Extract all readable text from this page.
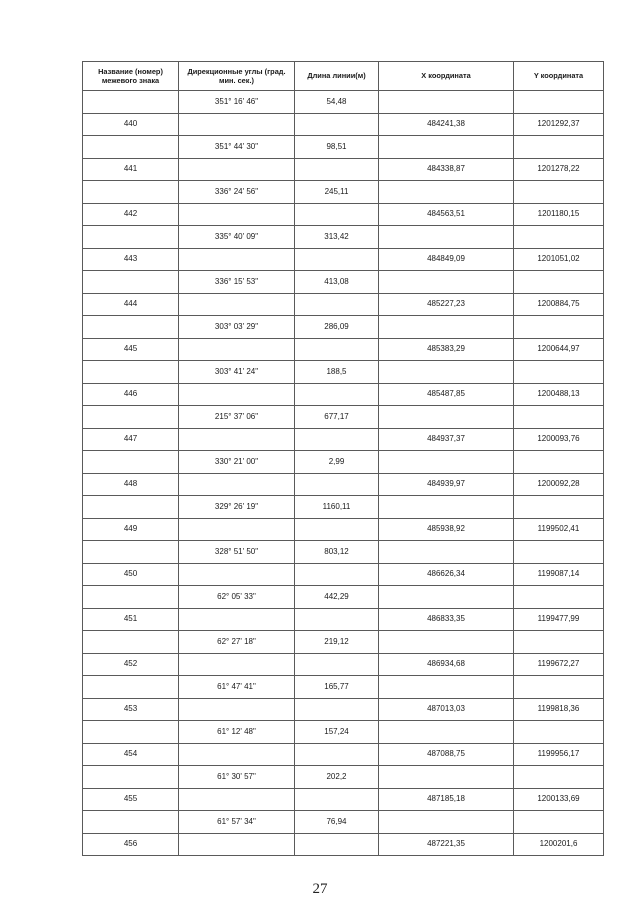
Название (номер) межевого знака	Дирекционные углы (град. мин. сек.)	Длина линии(м)	X координата	Y координата
	351° 16' 46"	54,48		
440			484241,38	1201292,37
	351° 44' 30"	98,51		
441			484338,87	1201278,22
	336° 24' 56"	245,11		
442			484563,51	1201180,15
	335° 40' 09"	313,42		
443			484849,09	1201051,02
	336° 15' 53"	413,08		
444			485227,23	1200884,75
	303° 03' 29"	286,09		
445			485383,29	1200644,97
	303° 41' 24"	188,5		
446			485487,85	1200488,13
	215° 37' 06"	677,17		
447			484937,37	1200093,76
	330° 21' 00"	2,99		
448			484939,97	1200092,28
	329° 26' 19"	1160,11		
449			485938,92	1199502,41
	328° 51' 50"	803,12		
450			486626,34	1199087,14
	62° 05' 33"	442,29		
451			486833,35	1199477,99
	62° 27' 18"	219,12		
452			486934,68	1199672,27
	61° 47' 41"	165,77		
453			487013,03	1199818,36
	61° 12' 48"	157,24		
454			487088,75	1199956,17
	61° 30' 57"	202,2		
455			487185,18	1200133,69
	61° 57' 34"	76,94		
456			487221,35	1200201,6
27
